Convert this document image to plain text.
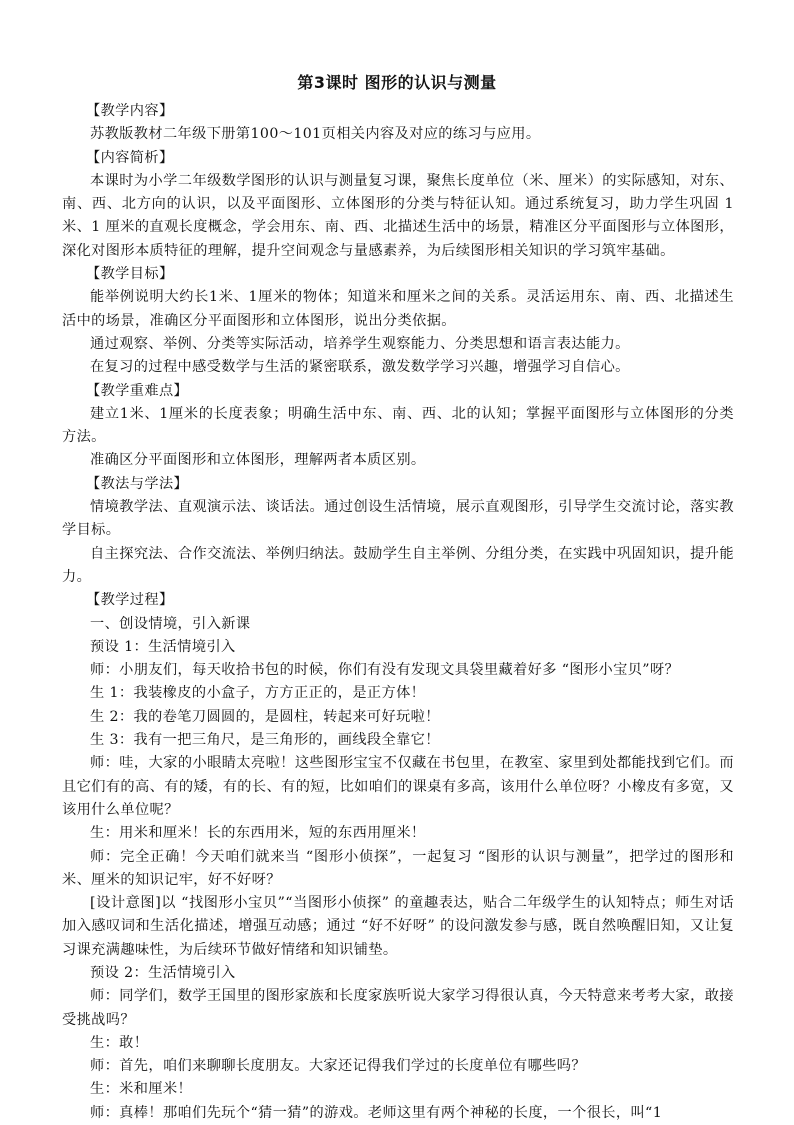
第3课时 图形的认识与测量

【教学内容】

苏教版教材二年级下册第100～101页相关内容及对应的练习与应用。

【内容简析】

本课时为小学二年级数学图形的认识与测量复习课，聚焦长度单位（米、厘米）的实际感知，对东、南、西、北方向的认识，以及平面图形、立体图形的分类与特征认知。通过系统复习，助力学生巩固 1 米、1 厘米的直观长度概念，学会用东、南、西、北描述生活中的场景，精准区分平面图形与立体图形，深化对图形本质特征的理解，提升空间观念与量感素养，为后续图形相关知识的学习筑牢基础。

【教学目标】

能举例说明大约长1米、1厘米的物体；知道米和厘米之间的关系。灵活运用东、南、西、北描述生活中的场景，准确区分平面图形和立体图形，说出分类依据。

通过观察、举例、分类等实际活动，培养学生观察能力、分类思想和语言表达能力。

在复习的过程中感受数学与生活的紧密联系，激发数学学习兴趣，增强学习自信心。

【教学重难点】

建立1米、1厘米的长度表象；明确生活中东、南、西、北的认知；掌握平面图形与立体图形的分类方法。

准确区分平面图形和立体图形，理解两者本质区别。

【教法与学法】

情境教学法、直观演示法、谈话法。通过创设生活情境，展示直观图形，引导学生交流讨论，落实教学目标。

自主探究法、合作交流法、举例归纳法。鼓励学生自主举例、分组分类，在实践中巩固知识，提升能力。

【教学过程】

一、创设情境，引入新课

预设 1：生活情境引入

师：小朋友们，每天收拾书包的时候，你们有没有发现文具袋里藏着好多 “图形小宝贝”呀？

生 1：我装橡皮的小盒子，方方正正的，是正方体！

生 2：我的卷笔刀圆圆的，是圆柱，转起来可好玩啦！

生 3：我有一把三角尺，是三角形的，画线段全靠它！

师：哇，大家的小眼睛太亮啦！这些图形宝宝不仅藏在书包里，在教室、家里到处都能找到它们。而且它们有的高、有的矮，有的长、有的短，比如咱们的课桌有多高，该用什么单位呀？小橡皮有多宽，又该用什么单位呢？

生：用米和厘米！长的东西用米，短的东西用厘米！

师：完全正确！今天咱们就来当 “图形小侦探”，一起复习 “图形的认识与测量”，把学过的图形和米、厘米的知识记牢，好不好呀？

[设计意图]以 “找图形小宝贝”“当图形小侦探” 的童趣表达，贴合二年级学生的认知特点；师生对话加入感叹词和生活化描述，增强互动感；通过 “好不好呀” 的设问激发参与感，既自然唤醒旧知，又让复习课充满趣味性，为后续环节做好情绪和知识铺垫。

预设 2：生活情境引入

师：同学们，数学王国里的图形家族和长度家族听说大家学习得很认真，今天特意来考考大家，敢接受挑战吗？

生：敢！

师：首先，咱们来聊聊长度朋友。大家还记得我们学过的长度单位有哪些吗？

生：米和厘米！

师：真棒！那咱们先玩个“猜一猜”的游戏。老师这里有两个神秘的长度，一个很长，叫“1
